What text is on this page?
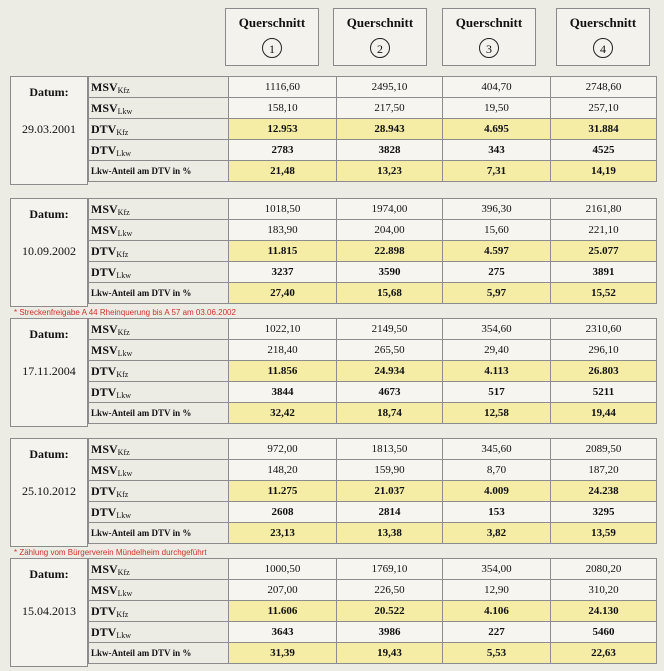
Querschnitt
1
Querschnitt
2
Querschnitt
3
Querschnitt
4
* Streckenfreigabe A 44 Rheinquerung bis A 57 am 03.06.2002
* Zählung vom Bürgerverein Mündelheim durchgeführt
Datum:
29.03.2001
$MSV_{Kfz}$	1116,60	2495,10	404,70	2748,60
$MSV_{Lkw}$	158,10	217,50	19,50	257,10
$DTV_{Kfz}$	12.953	28.943	4.695	31.884
$DTV_{Lkw}$	2783	3828	343	4525
Lkw-Anteil am DTV in %	21,48	13,23	7,31	14,19
Datum:
10.09.2002
$MSV_{Kfz}$	1018,50	1974,00	396,30	2161,80
$MSV_{Lkw}$	183,90	204,00	15,60	221,10
$DTV_{Kfz}$	11.815	22.898	4.597	25.077
$DTV_{Lkw}$	3237	3590	275	3891
Lkw-Anteil am DTV in %	27,40	15,68	5,97	15,52
Datum:
17.11.2004
$MSV_{Kfz}$	1022,10	2149,50	354,60	2310,60
$MSV_{Lkw}$	218,40	265,50	29,40	296,10
$DTV_{Kfz}$	11.856	24.934	4.113	26.803
$DTV_{Lkw}$	3844	4673	517	5211
Lkw-Anteil am DTV in %	32,42	18,74	12,58	19,44
Datum:
25.10.2012
$MSV_{Kfz}$	972,00	1813,50	345,60	2089,50
$MSV_{Lkw}$	148,20	159,90	8,70	187,20
$DTV_{Kfz}$	11.275	21.037	4.009	24.238
$DTV_{Lkw}$	2608	2814	153	3295
Lkw-Anteil am DTV in %	23,13	13,38	3,82	13,59
Datum:
15.04.2013
$MSV_{Kfz}$	1000,50	1769,10	354,00	2080,20
$MSV_{Lkw}$	207,00	226,50	12,90	310,20
$DTV_{Kfz}$	11.606	20.522	4.106	24.130
$DTV_{Lkw}$	3643	3986	227	5460
Lkw-Anteil am DTV in %	31,39	19,43	5,53	22,63
